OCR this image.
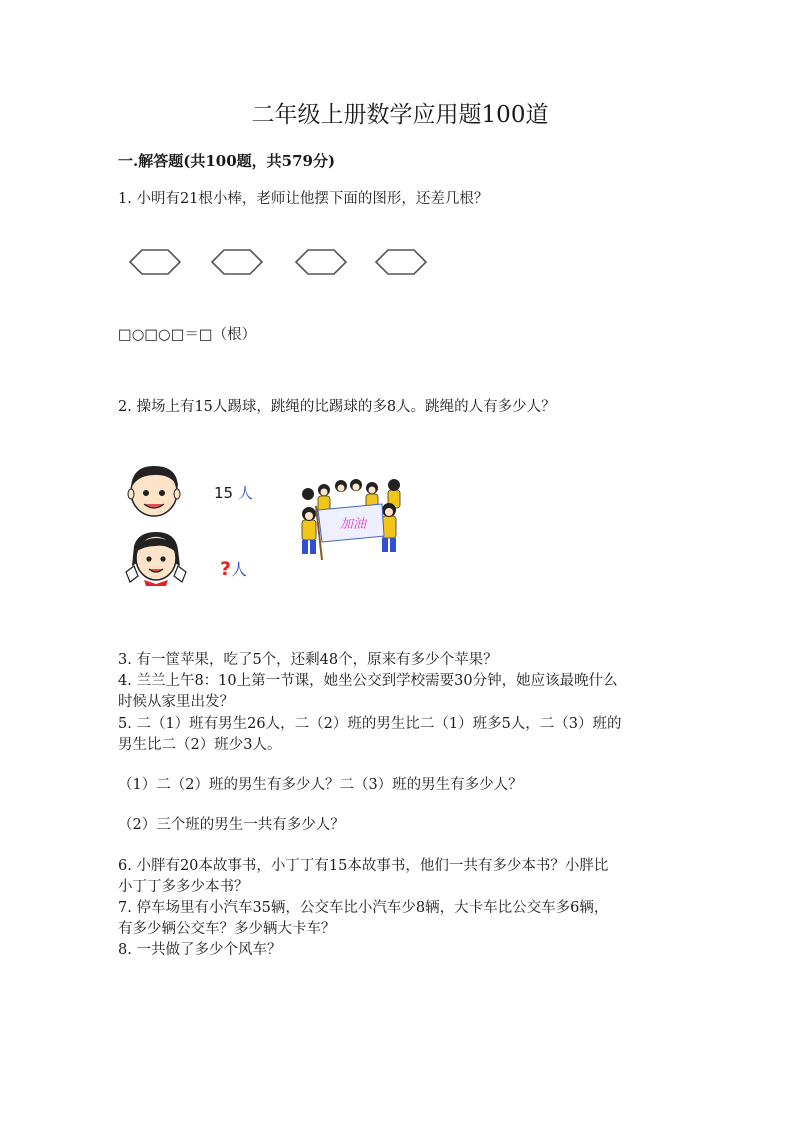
二年级上册数学应用题100道
一.解答题(共100题，共579分)
1. 小明有21根小棒，老师让他摆下面的图形，还差几根？
□○□○□＝□（根）
2. 操场上有15人踢球，跳绳的比踢球的多8人。跳绳的人有多少人？
15 人
?人
加油
3. 有一筐苹果，吃了5个，还剩48个，原来有多少个苹果？
4. 兰兰上午8：10上第一节课，她坐公交到学校需要30分钟，她应该最晚什么
时候从家里出发？
5. 二（1）班有男生26人，二（2）班的男生比二（1）班多5人，二（3）班的
男生比二（2）班少3人。
（1）二（2）班的男生有多少人？二（3）班的男生有多少人？
（2）三个班的男生一共有多少人？
6. 小胖有20本故事书，小丁丁有15本故事书，他们一共有多少本书？小胖比
小丁丁多多少本书？
7. 停车场里有小汽车35辆，公交车比小汽车少8辆，大卡车比公交车多6辆，
有多少辆公交车？多少辆大卡车？
8. 一共做了多少个风车？
